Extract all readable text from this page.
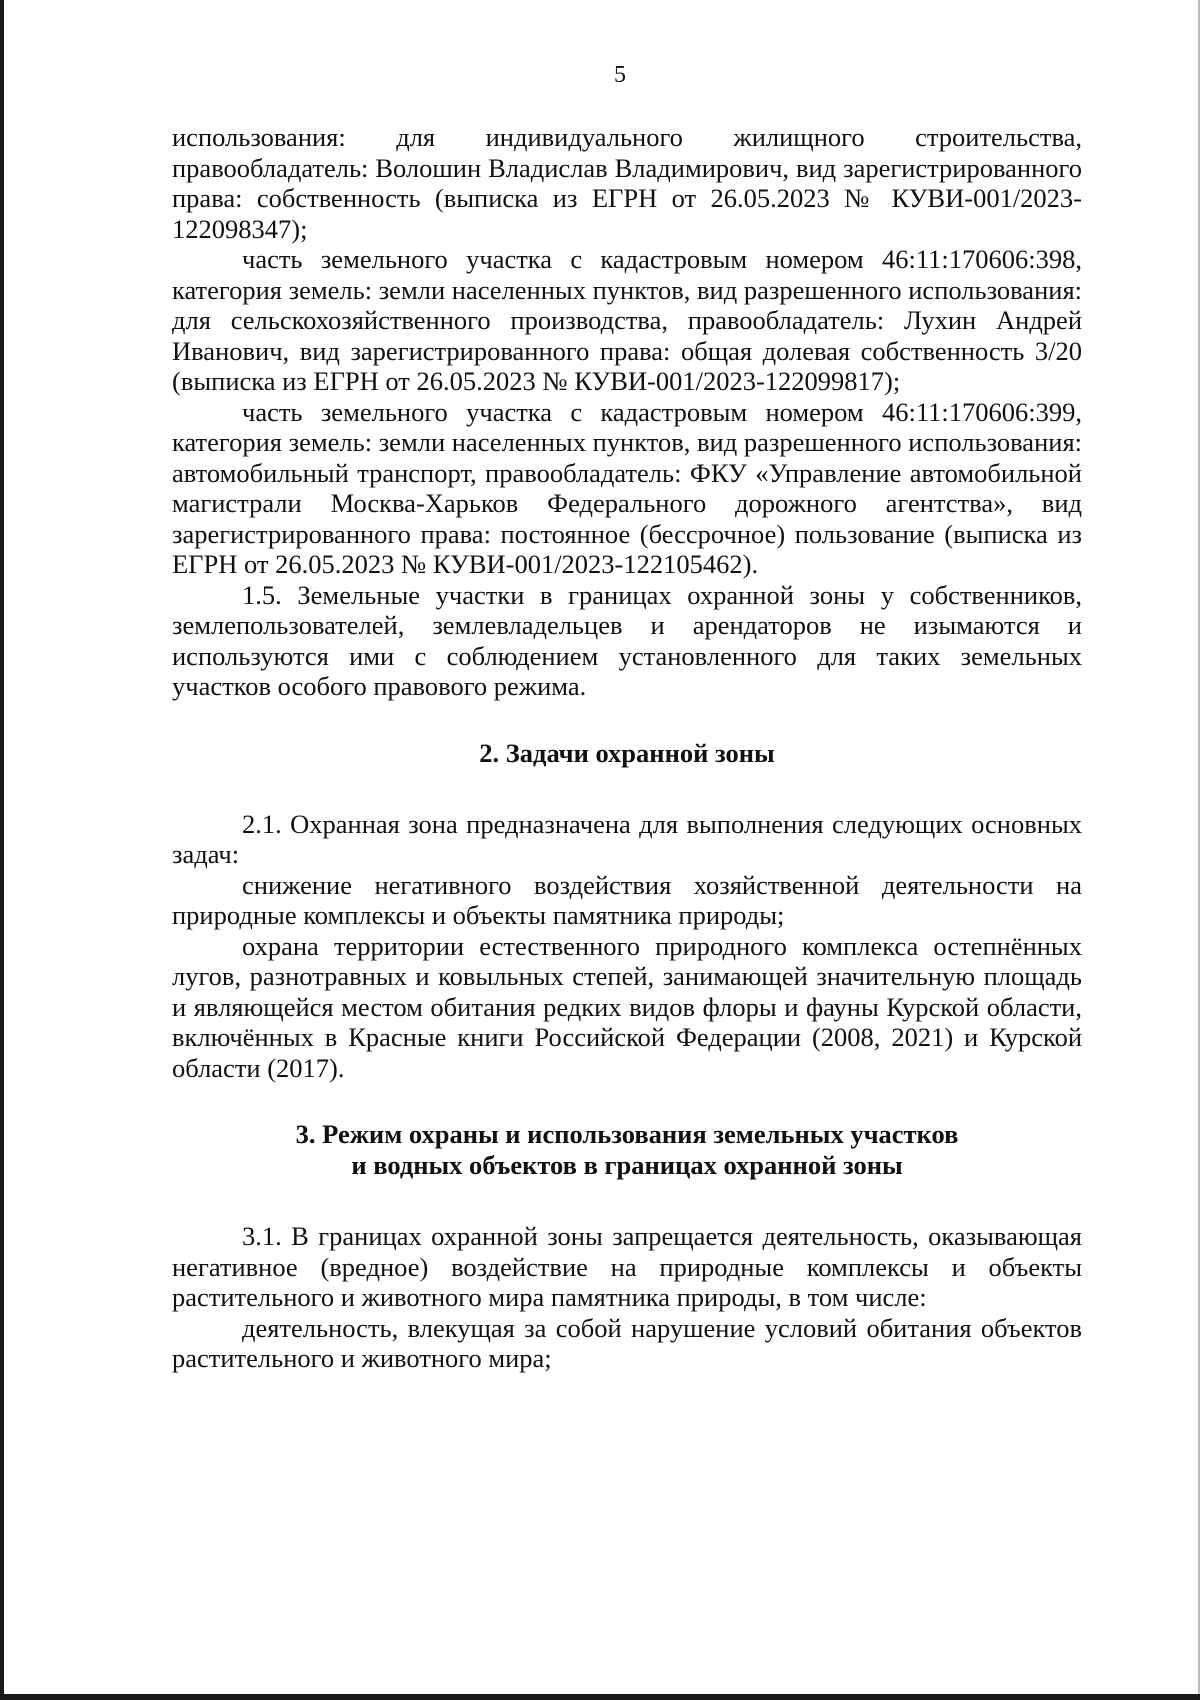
5

использования: для индивидуального жилищного строительства, правообладатель: Волошин Владислав Владимирович, вид зарегистрированного права: собственность (выписка из ЕГРН от 26.05.2023 № КУВИ-001/2023-122098347);

часть земельного участка с кадастровым номером 46:11:170606:398, категория земель: земли населенных пунктов, вид разрешенного использования: для сельскохозяйственного производства, правообладатель: Лухин Андрей Иванович, вид зарегистрированного права: общая долевая собственность 3/20 (выписка из ЕГРН от 26.05.2023 № КУВИ-001/2023-122099817);

часть земельного участка с кадастровым номером 46:11:170606:399, категория земель: земли населенных пунктов, вид разрешенного использования: автомобильный транспорт, правообладатель: ФКУ «Управление автомобильной магистрали Москва-Харьков Федерального дорожного агентства», вид зарегистрированного права: постоянное (бессрочное) пользование (выписка из ЕГРН от 26.05.2023 № КУВИ-001/2023-122105462).

1.5. Земельные участки в границах охранной зоны у собственников, землепользователей, землевладельцев и арендаторов не изымаются и используются ими с соблюдением установленного для таких земельных участков особого правового режима.

2. Задачи охранной зоны

2.1. Охранная зона предназначена для выполнения следующих основных задач:

снижение негативного воздействия хозяйственной деятельности на природные комплексы и объекты памятника природы;

охрана территории естественного природного комплекса остепнённых лугов, разнотравных и ковыльных степей, занимающей значительную площадь и являющейся местом обитания редких видов флоры и фауны Курской области, включённых в Красные книги Российской Федерации (2008, 2021) и Курской области (2017).

3. Режим охраны и использования земельных участков
и водных объектов в границах охранной зоны

3.1. В границах охранной зоны запрещается деятельность, оказывающая негативное (вредное) воздействие на природные комплексы и объекты растительного и животного мира памятника природы, в том числе:

деятельность, влекущая за собой нарушение условий обитания объектов растительного и животного мира;
